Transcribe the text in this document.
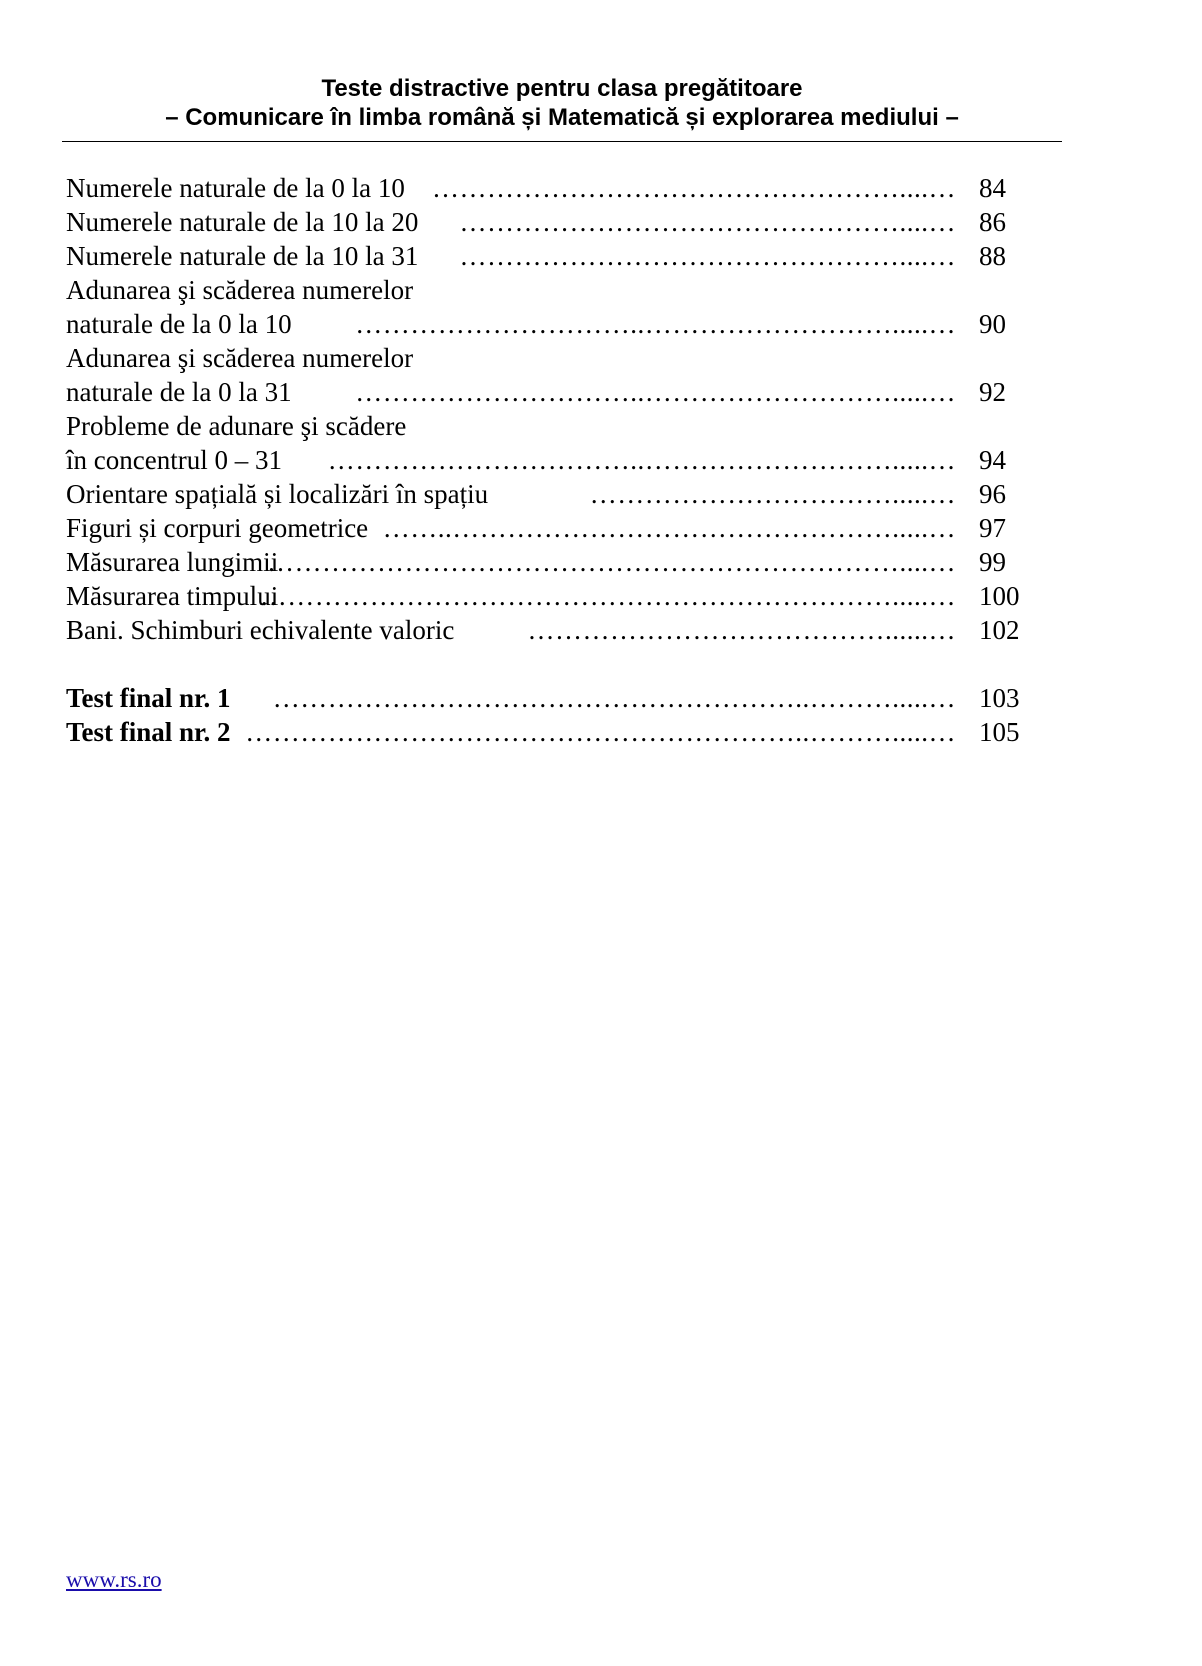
Teste distractive pentru clasa pregătitoare
– Comunicare în limba română și Matematică și explorarea mediului –
Numerele naturale de la 0 la 10 ……………………………………………....… 84
Numerele naturale de la 10 la 20 …………………………………………....… 86
Numerele naturale de la 10 la 31 …………………………………………....… 88
Adunarea şi scăderea numerelor
naturale de la 0 la 10 …………………………..……………………….....… 90
Adunarea şi scăderea numerelor
naturale de la 0 la 31 …………………………..……………………….....… 92
Probleme de adunare şi scădere
în concentrul 0 – 31 ……………………………..……………………….....… 94
Orientare spațială și localizări în spațiu	…………………………….....… 96
Figuri și corpuri geometrice ……..………………………………………….....… 97
Măsurarea lungimii
……………………………………………………………....… 99
Măsurarea timpului
…………………………………………………………….....… 100
Bani. Schimburi echivalente valoric	…………………………………......… 102
Test final nr. 1 …………………………………………………..……….....… 103
Test final nr. 2 ……………………………………………………..……….....… 105
www.rs.ro
